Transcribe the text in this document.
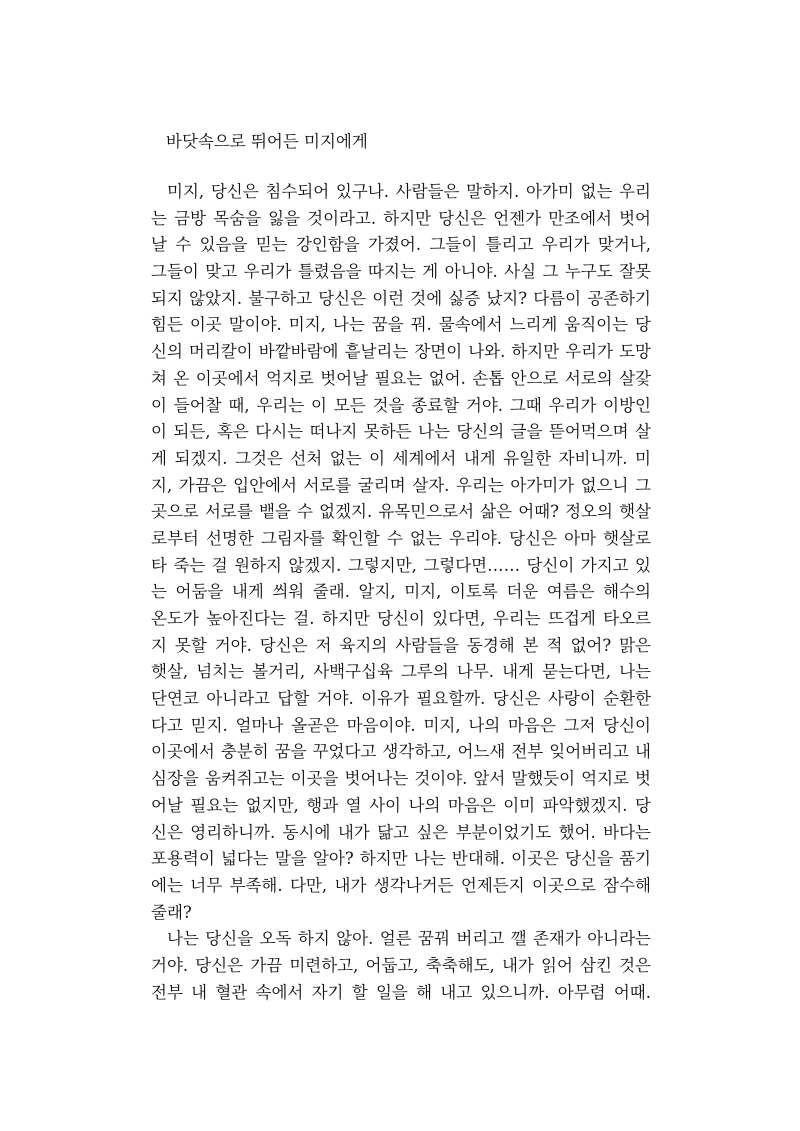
바닷속으로 뛰어든 미지에게
미지, 당신은 침수되어 있구나. 사람들은 말하지. 아가미 없는 우리
는 금방 목숨을 잃을 것이라고. 하지만 당신은 언젠가 만조에서 벗어
날 수 있음을 믿는 강인함을 가졌어. 그들이 틀리고 우리가 맞거나,
그들이 맞고 우리가 틀렸음을 따지는 게 아니야. 사실 그 누구도 잘못
되지 않았지. 불구하고 당신은 이런 것에 싫증 났지? 다름이 공존하기
힘든 이곳 말이야. 미지, 나는 꿈을 꿔. 물속에서 느리게 움직이는 당
신의 머리칼이 바깥바람에 흩날리는 장면이 나와. 하지만 우리가 도망
쳐 온 이곳에서 억지로 벗어날 필요는 없어. 손톱 안으로 서로의 살갗
이 들어찰 때, 우리는 이 모든 것을 종료할 거야. 그때 우리가 이방인
이 되든, 혹은 다시는 떠나지 못하든 나는 당신의 글을 뜯어먹으며 살
게 되겠지. 그것은 선처 없는 이 세계에서 내게 유일한 자비니까. 미
지, 가끔은 입안에서 서로를 굴리며 살자. 우리는 아가미가 없으니 그
곳으로 서로를 뱉을 수 없겠지. 유목민으로서 삶은 어때? 정오의 햇살
로부터 선명한 그림자를 확인할 수 없는 우리야. 당신은 아마 햇살로
타 죽는 걸 원하지 않겠지. 그렇지만, 그렇다면…… 당신이 가지고 있
는 어둠을 내게 씌워 줄래. 알지, 미지, 이토록 더운 여름은 해수의
온도가 높아진다는 걸. 하지만 당신이 있다면, 우리는 뜨겁게 타오르
지 못할 거야. 당신은 저 육지의 사람들을 동경해 본 적 없어? 맑은
햇살, 넘치는 볼거리, 사백구십육 그루의 나무. 내게 묻는다면, 나는
단연코 아니라고 답할 거야. 이유가 필요할까. 당신은 사랑이 순환한
다고 믿지. 얼마나 올곧은 마음이야. 미지, 나의 마음은 그저 당신이
이곳에서 충분히 꿈을 꾸었다고 생각하고, 어느새 전부 잊어버리고 내
심장을 움켜쥐고는 이곳을 벗어나는 것이야. 앞서 말했듯이 억지로 벗
어날 필요는 없지만, 행과 열 사이 나의 마음은 이미 파악했겠지. 당
신은 영리하니까. 동시에 내가 닮고 싶은 부분이었기도 했어. 바다는
포용력이 넓다는 말을 알아? 하지만 나는 반대해. 이곳은 당신을 품기
에는 너무 부족해. 다만, 내가 생각나거든 언제든지 이곳으로 잠수해
줄래?
나는 당신을 오독 하지 않아. 얼른 꿈꿔 버리고 깰 존재가 아니라는
거야. 당신은 가끔 미련하고, 어둡고, 축축해도, 내가 읽어 삼킨 것은
전부 내 혈관 속에서 자기 할 일을 해 내고 있으니까. 아무렴 어때.
